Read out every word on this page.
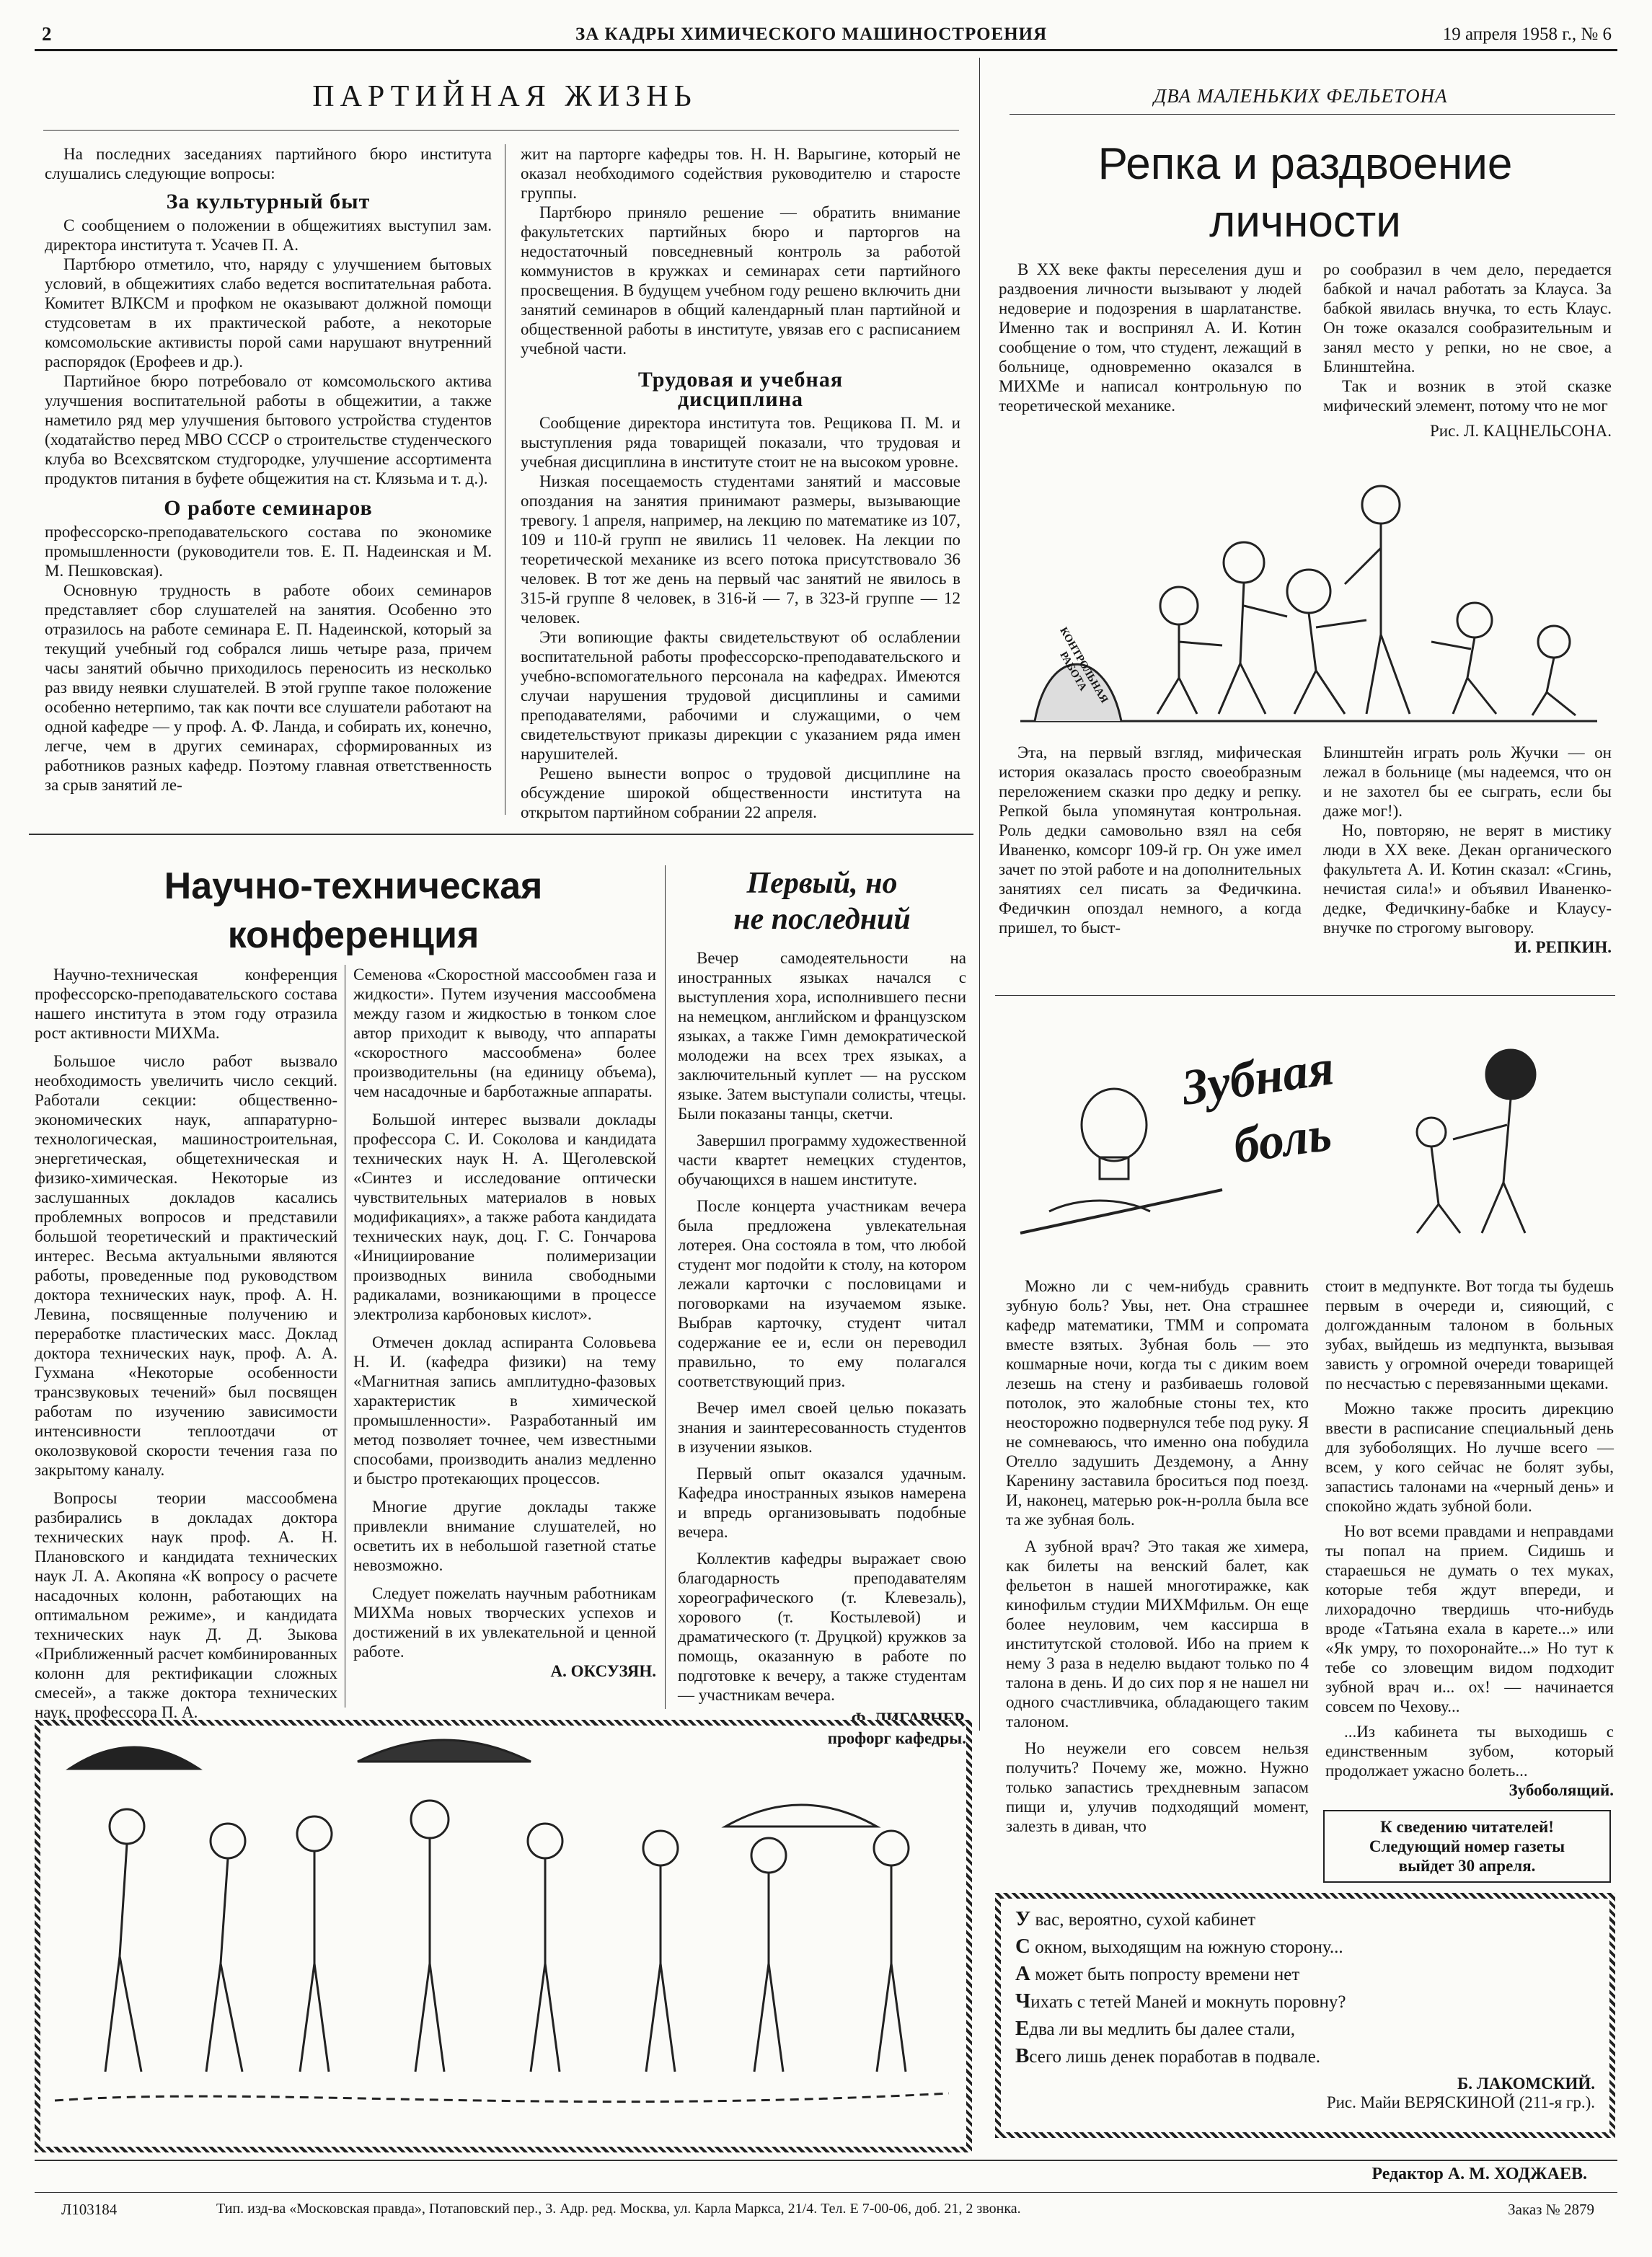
2	ЗА КАДРЫ ХИМИЧЕСКОГО МАШИНОСТРОЕНИЯ	19 апреля 1958 г., № 6
ПАРТИЙНАЯ ЖИЗНЬ

На последних заседаниях партийного бюро института слушались следующие вопросы:

За культурный быт

С сообщением о положении в общежитиях выступил зам. директора института т. Усачев П. А.

Партбюро отметило, что, наряду с улучшением бытовых условий, в общежитиях слабо ведется воспитательная работа. Комитет ВЛКСМ и профком не оказывают должной помощи студсоветам в их практической работе, а некоторые комсомольские активисты порой сами нарушают внутренний распорядок (Ерофеев и др.).

Партийное бюро потребовало от комсомольского актива улучшения воспитательной работы в общежитии, а также наметило ряд мер улучшения бытового устройства студентов (ходатайство перед МВО СССР о строительстве студенческого клуба во Всехсвятском студгородке, улучшение ассортимента продуктов питания в буфете общежития на ст. Клязьма и т. д.).

О работе семинаров

профессорско-преподавательского состава по экономике промышленности (руководители тов. Е. П. Надеинская и М. М. Пешковская).

Основную трудность в работе обоих семинаров представляет сбор слушателей на занятия. Особенно это отразилось на работе семинара Е. П. Надеинской, который за текущий учебный год собрался лишь четыре раза, причем часы занятий обычно приходилось переносить из несколько раз ввиду неявки слушателей. В этой группе такое положение особенно нетерпимо, так как почти все слушатели работают на одной кафедре — у проф. А. Ф. Ланда, и собирать их, конечно, легче, чем в других семинарах, сформированных из работников разных кафедр. Поэтому главная ответственность за срыв занятий ле-

жит на парторге кафедры тов. Н. Н. Варыгине, который не оказал необходимого содействия руководителю и старосте группы.

Партбюро приняло решение — обратить внимание факультетских партийных бюро и парторгов на недостаточный повседневный контроль за работой коммунистов в кружках и семинарах сети партийного просвещения. В будущем учебном году решено включить дни занятий семинаров в общий календарный план партийной и общественной работы в институте, увязав его с расписанием учебной части.

Трудовая и учебная
дисциплина

Сообщение директора института тов. Рещикова П. М. и выступления ряда товарищей показали, что трудовая и учебная дисциплина в институте стоит не на высоком уровне.

Низкая посещаемость студентами занятий и массовые опоздания на занятия принимают размеры, вызывающие тревогу. 1 апреля, например, на лекцию по математике из 107, 109 и 110-й групп не явились 11 человек. На лекции по теоретической механике из всего потока присутствовало 36 человек. В тот же день на первый час занятий не явилось в 315-й группе 8 человек, в 316-й — 7, в 323-й группе — 12 человек.

Эти вопиющие факты свидетельствуют об ослаблении воспитательной работы профессорско-преподавательского и учебно-вспомогательного персонала на кафедрах. Имеются случаи нарушения трудовой дисциплины и самими преподавателями, рабочими и служащими, о чем свидетельствуют приказы дирекции с указанием ряда имен нарушителей.

Решено вынести вопрос о трудовой дисциплине на обсуждение широкой общественности института на открытом партийном собрании 22 апреля.

ДВА МАЛЕНЬКИХ ФЕЛЬЕТОНА
Репка и раздвоение
личности

В XX веке факты переселения душ и раздвоения личности вызывают у людей недоверие и подозрения в шарлатанстве. Именно так и воспринял А. И. Котин сообщение о том, что студент, лежащий в больнице, одновременно оказался в МИХМе и написал контрольную по теоретической механике.

ро сообразил в чем дело, передается бабкой и начал работать за Клауса. За бабкой явилась внучка, то есть Клаус. Он тоже оказался сообразительным и занял место у репки, но не свое, а Блинштейна.

Так и возник в этой сказке мифический элемент, потому что не мог

Рис. Л. КАЦНЕЛЬСОНА.
КОНТРОЛЬНАЯ РАБОТА

Эта, на первый взгляд, мифическая история оказалась просто своеобразным переложением сказки про дедку и репку. Репкой была упомянутая контрольная. Роль дедки самовольно взял на себя Иваненко, комсорг 109-й гр. Он уже имел зачет по этой работе и на дополнительных занятиях сел писать за Федичкина. Федичкин опоздал немного, а когда пришел, то быст-

Блинштейн играть роль Жучки — он лежал в больнице (мы надеемся, что он и не захотел бы ее сыграть, если бы даже мог!).

Но, повторяю, не верят в мистику люди в XX веке. Декан органического факультета А. И. Котин сказал: «Сгинь, нечистая сила!» и объявил Иваненко-дедке, Федичкину-бабке и Клаусу-внучке по строгому выговору.

И. РЕПКИН.
Научно-техническая
конференция

Научно-техническая конференция профессорско-преподавательского состава нашего института в этом году отразила рост активности МИХМа.

Большое число работ вызвало необходимость увеличить число секций. Работали секции: общественно-экономических наук, аппаратурно-технологическая, машиностроительная, энергетическая, общетехническая и физико-химическая. Некоторые из заслушанных докладов касались проблемных вопросов и представили большой теоретический и практический интерес. Весьма актуальными являются работы, проведенные под руководством доктора технических наук, проф. А. Н. Левина, посвященные получению и переработке пластических масс. Доклад доктора технических наук, проф. А. А. Гухмана «Некоторые особенности трансзвуковых течений» был посвящен работам по изучению зависимости интенсивности теплоотдачи от околозвуковой скорости течения газа по закрытому каналу.

Вопросы теории массообмена разбирались в докладах доктора технических наук проф. А. Н. Плановского и кандидата технических наук Л. А. Акопяна «К вопросу о расчете насадочных колонн, работающих на оптимальном режиме», и кандидата технических наук Д. Д. Зыкова «Приближенный расчет комбинированных колонн для ректификации сложных смесей», а также доктора технических наук, профессора П. А.

Семенова «Скоростной массообмен газа и жидкости». Путем изучения массообмена между газом и жидкостью в тонком слое автор приходит к выводу, что аппараты «скоростного массообмена» более производительны (на единицу объема), чем насадочные и барботажные аппараты.

Большой интерес вызвали доклады профессора С. И. Соколова и кандидата технических наук Н. А. Щеголевской «Синтез и исследование оптически чувствительных материалов в новых модификациях», а также работа кандидата технических наук, доц. Г. С. Гончарова «Инициирование полимеризации производных винила свободными радикалами, возникающими в процессе электролиза карбоновых кислот».

Отмечен доклад аспиранта Соловьева Н. И. (кафедра физики) на тему «Магнитная запись амплитудно-фазовых характеристик в химической промышленности». Разработанный им метод позволяет точнее, чем известными способами, производить анализ медленно и быстро протекающих процессов.

Многие другие доклады также привлекли внимание слушателей, но осветить их в небольшой газетной статье невозможно.

Следует пожелать научным работникам МИХМа новых творческих успехов и достижений в их увлекательной и ценной работе.

А. ОКСУЗЯН.
Первый, но
не последний

Вечер самодеятельности на иностранных языках начался с выступления хора, исполнившего песни на немецком, английском и французском языках, а также Гимн демократической молодежи на всех трех языках, а заключительный куплет — на русском языке. Затем выступали солисты, чтецы. Были показаны танцы, скетчи.

Завершил программу художественной части квартет немецких студентов, обучающихся в нашем институте.

После концерта участникам вечера была предложена увлекательная лотерея. Она состояла в том, что любой студент мог подойти к столу, на котором лежали карточки с пословицами и поговорками на изучаемом языке. Выбрав карточку, студент читал содержание ее и, если он переводил правильно, то ему полагался соответствующий приз.

Вечер имел своей целью показать знания и заинтересованность студентов в изучении языков.

Первый опыт оказался удачным. Кафедра иностранных языков намерена и впредь организовывать подобные вечера.

Коллектив кафедры выражает свою благодарность преподавателям хореографического (т. Клевезаль), хорового (т. Костылевой) и драматического (т. Друцкой) кружков за помощь, оказанную в работе по подготовке к вечеру, а также студентам — участникам вечера.

Ф. ЛИГАРНЕР,
профорг кафедры.
Зубная
боль

Можно ли с чем-нибудь сравнить зубную боль? Увы, нет. Она страшнее кафедр математики, ТММ и сопромата вместе взятых. Зубная боль — это кошмарные ночи, когда ты с диким воем лезешь на стену и разбиваешь головой потолок, это жалобные стоны тех, кто неосторожно подвернулся тебе под руку. Я не сомневаюсь, что именно она побудила Отелло задушить Дездемону, а Анну Каренину заставила броситься под поезд. И, наконец, матерью рок-н-ролла была все та же зубная боль.

А зубной врач? Это такая же химера, как билеты на венский балет, как фельетон в нашей многотиражке, как кинофильм студии МИХМфильм. Он еще более неуловим, чем кассирша в институтской столовой. Ибо на прием к нему 3 раза в неделю выдают только по 4 талона в день. И до сих пор я не нашел ни одного счастливчика, обладающего таким талоном.

Но неужели его совсем нельзя получить? Почему же, можно. Нужно только запастись трехдневным запасом пищи и, улучив подходящий момент, залезть в диван, что

стоит в медпункте. Вот тогда ты будешь первым в очереди и, сияющий, с долгожданным талоном в больных зубах, выйдешь из медпункта, вызывая зависть у огромной очереди товарищей по несчастью с перевязанными щеками.

Можно также просить дирекцию ввести в расписание специальный день для зубоболящих. Но лучше всего — всем, у кого сейчас не болят зубы, запастись талонами на «черный день» и спокойно ждать зубной боли.

Но вот всеми правдами и неправдами ты попал на прием. Сидишь и стараешься не думать о тех муках, которые тебя ждут впереди, и лихорадочно твердишь что-нибудь вроде «Татьяна ехала в карете...» или «Як умру, то похоронайте...» Но тут к тебе со зловещим видом подходит зубной врач и... ох! — начинается совсем по Чехову...

...Из кабинета ты выходишь с единственным зубом, который продолжает ужасно болеть...

Зубоболящий.
К сведению читателей!
Следующий номер газеты
выйдет 30 апреля.
У вас, вероятно, сухой кабинет
С окном, выходящим на южную сторону...
А может быть попросту времени нет
Чихать с тетей Маней и мокнуть поровну?
Едва ли вы медлить бы далее стали,
Всего лишь денек поработав в подвале.
Б. ЛАКОМСКИЙ.
Рис. Майи ВЕРЯСКИНОЙ (211-я гр.).
Редактор А. М. ХОДЖАЕВ.
Л103184	Тип. изд-ва «Московская правда», Потаповский пер., 3. Адр. ред. Москва, ул. Карла Маркса, 21/4. Тел. Е 7-00-06, доб. 21, 2 звонка.	Заказ № 2879
